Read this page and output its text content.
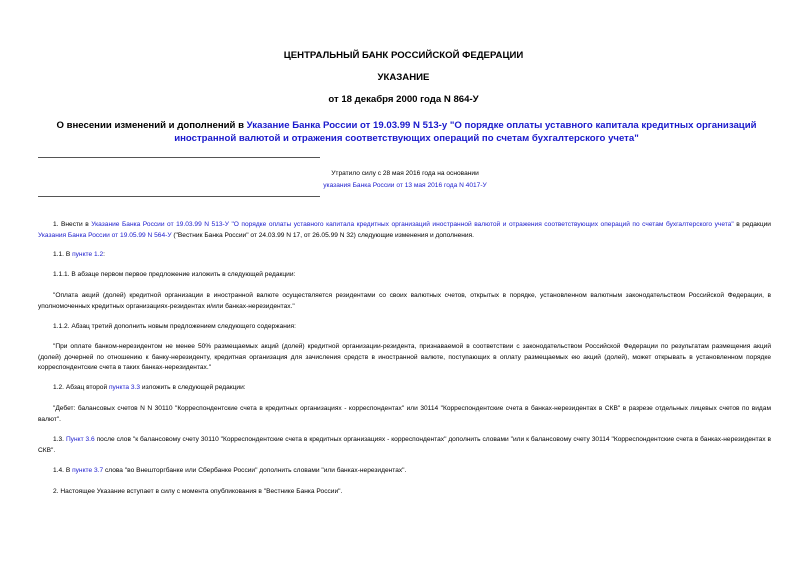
ЦЕНТРАЛЬНЫЙ БАНК РОССИЙСКОЙ ФЕДЕРАЦИИ
УКАЗАНИЕ
от 18 декабря 2000 года N 864-У
О внесении изменений и дополнений в Указание Банка России от 19.03.99 N 513-у "О порядке оплаты уставного капитала кредитных организаций иностранной валютой и отражения соответствующих операций по счетам бухгалтерского учета"
Утратило силу с 28 мая 2016 года на основании
указания Банка России от 13 мая 2016 года N 4017-У
1. Внести в Указание Банка России от 19.03.99 N 513-У "О порядке оплаты уставного капитала кредитных организаций иностранной валютой и отражения соответствующих операций по счетам бухгалтерского учета" в редакции Указания Банка России от 19.05.99 N 564-У ("Вестник Банка России" от 24.03.99 N 17, от 26.05.99 N 32) следующие изменения и дополнения.
1.1. В пункте 1.2:
1.1.1. В абзаце первом первое предложение изложить в следующей редакции:
"Оплата акций (долей) кредитной организации в иностранной валюте осуществляется резидентами со своих валютных счетов, открытых в порядке, установленном валютным законодательством Российской Федерации, в уполномоченных кредитных организациях-резидентах и/или банках-нерезидентах."
1.1.2. Абзац третий дополнить новым предложением следующего содержания:
"При оплате банком-нерезидентом не менее 50% размещаемых акций (долей) кредитной организации-резидента, признаваемой в соответствии с законодательством Российской Федерации по результатам размещения акций (долей) дочерней по отношению к банку-нерезиденту, кредитная организация для зачисления средств в иностранной валюте, поступающих в оплату размещаемых ею акций (долей), может открывать в установленном порядке корреспондентские счета в таких банках-нерезидентах."
1.2. Абзац второй пункта 3.3 изложить в следующей редакции:
"Дебет: балансовых счетов N N 30110 "Корреспондентские счета в кредитных организациях - корреспондентах" или 30114 "Корреспондентские счета в банках-нерезидентах в СКВ" в разрезе отдельных лицевых счетов по видам валют".
1.3. Пункт 3.6 после слов "к балансовому счету 30110 "Корреспондентские счета в кредитных организациях - корреспондентах" дополнить словами "или к балансовому счету 30114 "Корреспондентские счета в банках-нерезидентах в СКВ".
1.4. В пункте 3.7 слова "во Внешторгбанке или Сбербанке России" дополнить словами "или банках-нерезидентах".
2. Настоящее Указание вступает в силу с момента опубликования в "Вестнике Банка России".
